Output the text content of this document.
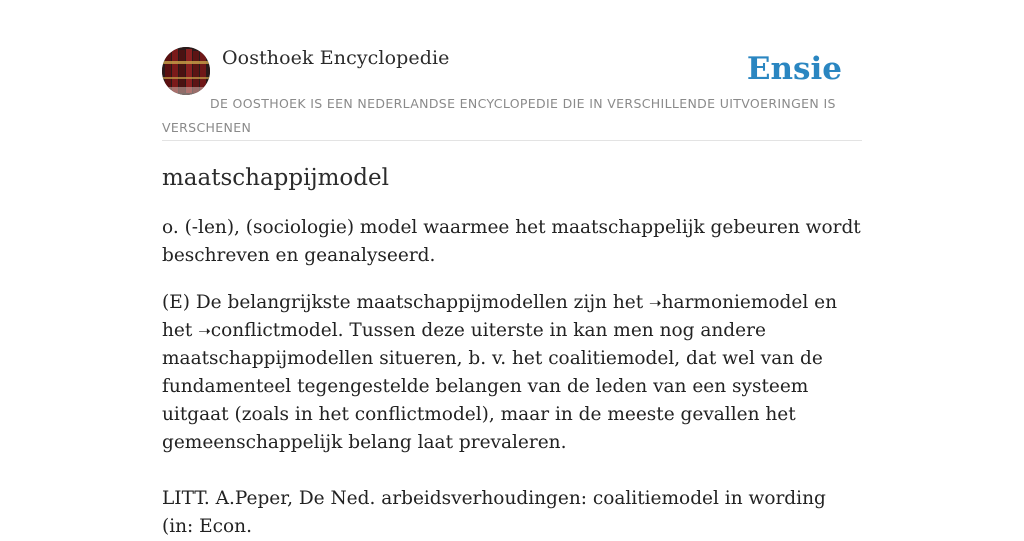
Oosthoek Encyclopedie	Ensie
DE OOSTHOEK IS EEN NEDERLANDSE ENCYCLOPEDIE DIE IN VERSCHILLENDE UITVOERINGEN IS VERSCHENEN
maatschappijmodel

o. (-len), (sociologie) model waarmee het maatschappelijk gebeuren wordt beschreven en geanalyseerd.

(E) De belangrijkste maatschappijmodellen zijn het ➝harmoniemodel en het ➝conflictmodel. Tussen deze uiterste in kan men nog andere maatschappijmodellen situeren, b. v. het coalitiemodel, dat wel van de fundamenteel tegengestelde belangen van de leden van een systeem uitgaat (zoals in het conflictmodel), maar in de meeste gevallen het gemeenschappelijk belang laat prevaleren.

LITT. A.Peper, De Ned. arbeidsverhoudingen: coalitiemodel in wording (in: Econ.
